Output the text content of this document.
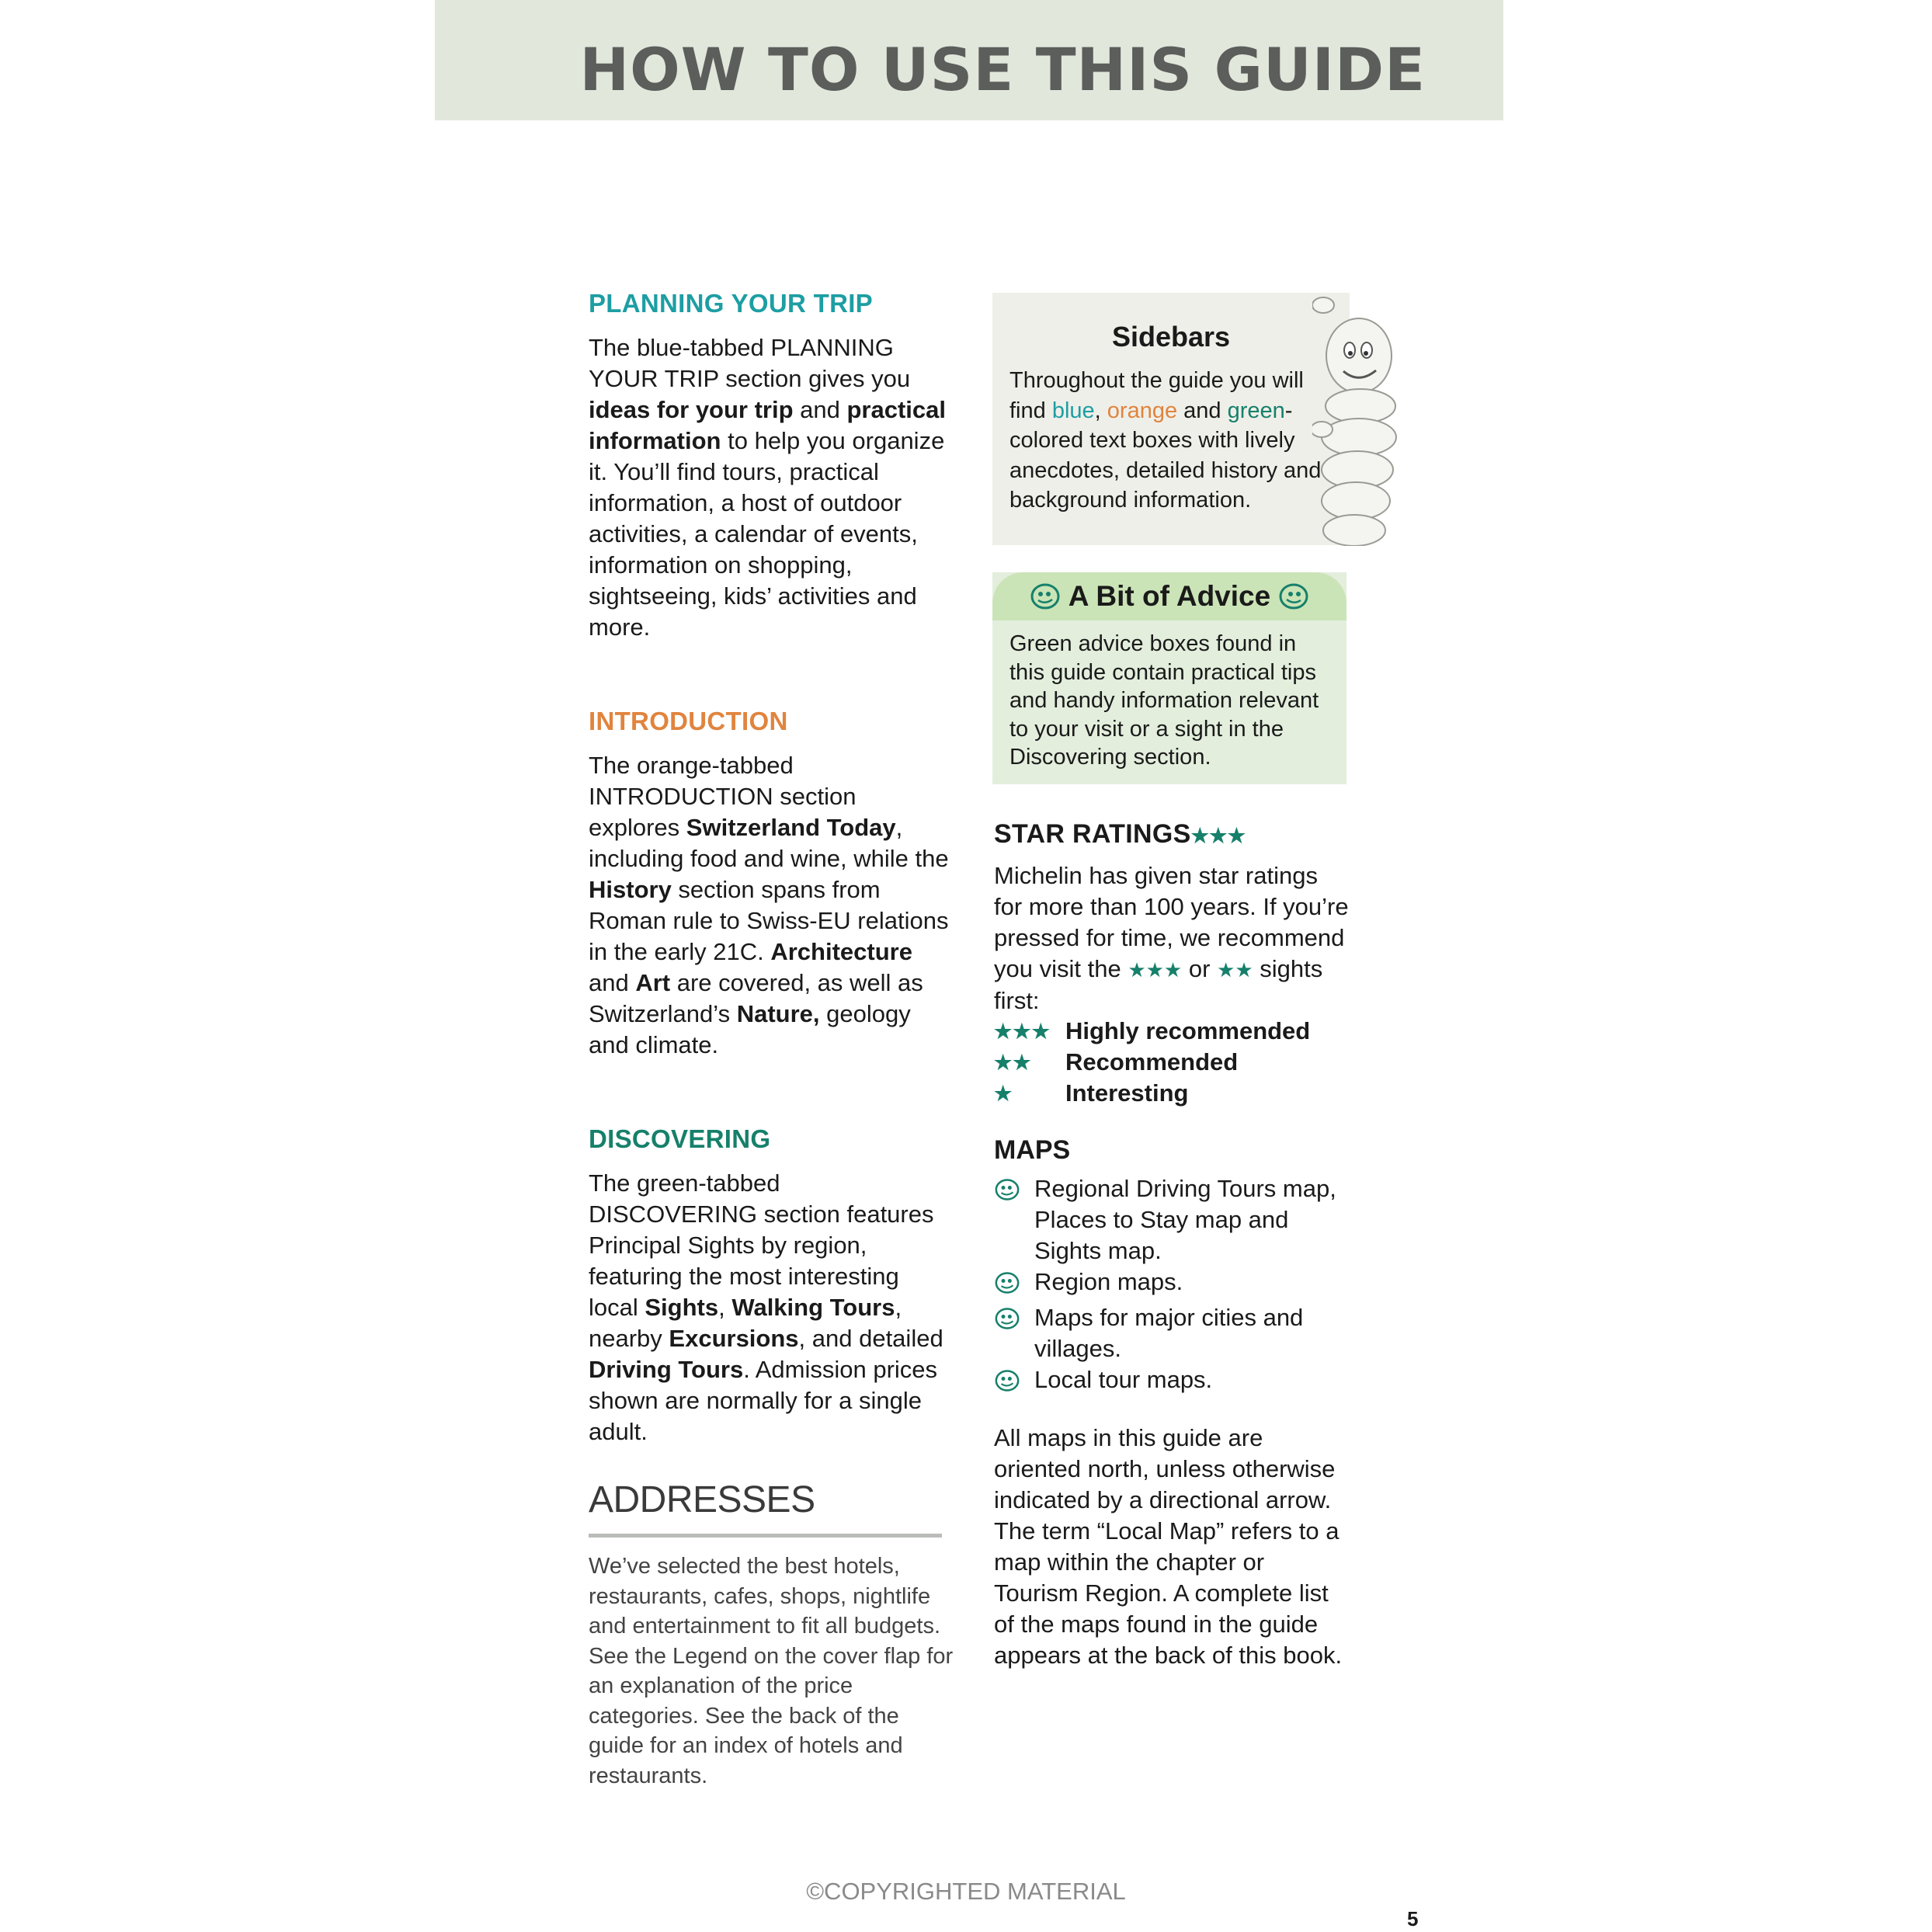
HOW TO USE THIS GUIDE
PLANNING YOUR TRIP

The blue-tabbed PLANNING YOUR TRIP section gives you ideas for your trip and practical information to help you organize it. You’ll find tours, practical information, a host of outdoor activities, a calendar of events, information on shopping, sightseeing, kids’ activities and more.

INTRODUCTION

The orange-tabbed INTRODUCTION section explores Switzerland Today, including food and wine, while the History section spans from Roman rule to Swiss-EU relations in the early 21C. Architecture and Art are covered, as well as Switzerland’s Nature, geology and climate.

DISCOVERING

The green-tabbed DISCOVERING section features Principal Sights by region, featuring the most interesting local Sights, Walking Tours, nearby Excursions, and detailed Driving Tours. Admission prices shown are normally for a single adult.

ADDRESSES

We’ve selected the best hotels, restaurants, cafes, shops, nightlife and entertainment to fit all budgets. See the Legend on the cover flap for an explanation of the price categories. See the back of the guide for an index of hotels and restaurants.

Sidebars

Throughout the guide you will find blue, orange and green-colored text boxes with lively anecdotes, detailed history and background information.

A Bit of Advice

Green advice boxes found in this guide contain practical tips and handy information relevant to your visit or a sight in the Discovering section.

STAR RATINGS★★★

Michelin has given star ratings for more than 100 years. If you’re pressed for time, we recommend you visit the ★★★ or ★★ sights first:

★★★ Highly recommended
★★	Recommended
★	Interesting
MAPS
Regional Driving Tours map, Places to Stay map and Sights map.
Region maps.
Maps for major cities and villages.
Local tour maps.

All maps in this guide are oriented north, unless otherwise indicated by a directional arrow. The term “Local Map” refers to a map within the chapter or Tourism Region. A complete list of the maps found in the guide appears at the back of this book.

©COPYRIGHTED MATERIAL
5
